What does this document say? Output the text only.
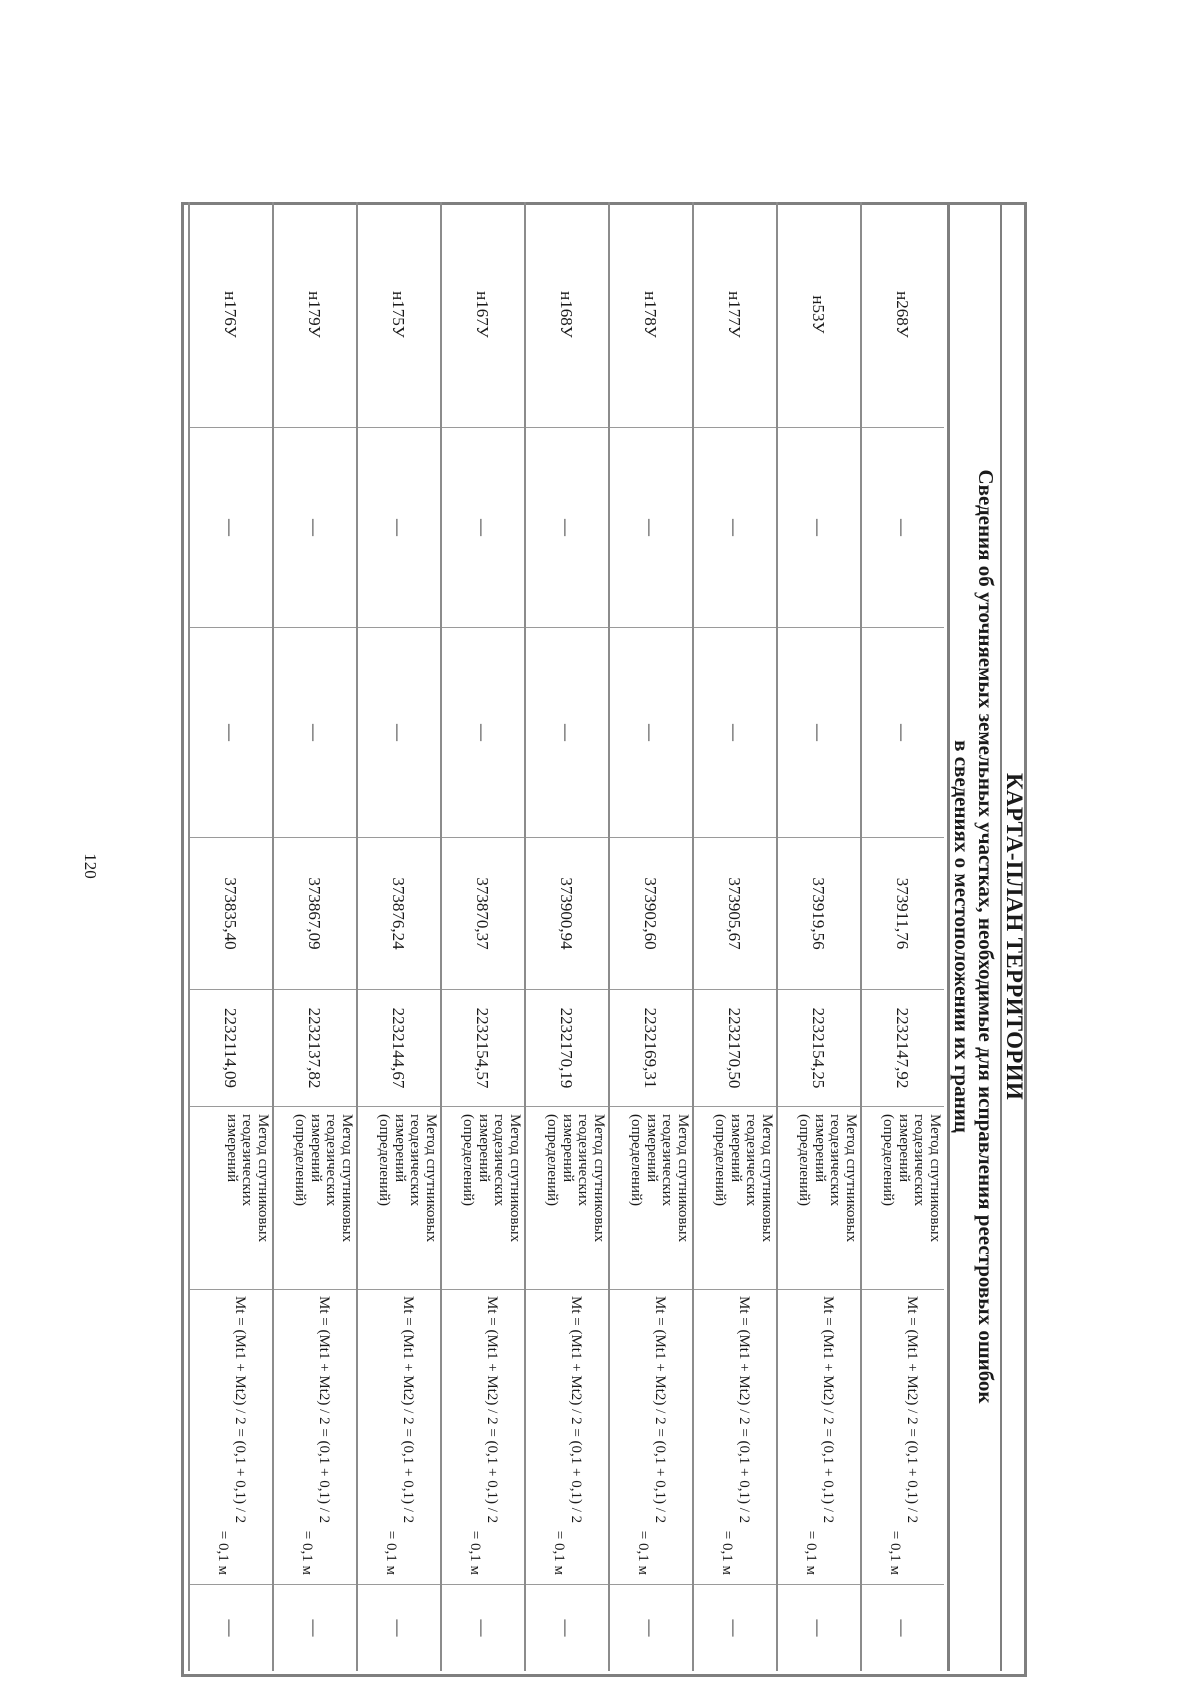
120	КАРТА-ПЛАН ТЕРРИТОРИИ
Сведения об уточняемых земельных участках, необходимые для исправления реестровых ошибок
в сведениях о местоположении их границ
н268У
—
—
373911,76
2232147,92
Метод спутниковых
геодезических
измерений
(определений)
Mt = (Mt1 + Mt2) / 2 = (0,1 + 0,1) / 2
= 0,1 м
—
н53У
—
—
373919,56
2232154,25
Метод спутниковых
геодезических
измерений
(определений)
Mt = (Mt1 + Mt2) / 2 = (0,1 + 0,1) / 2
= 0,1 м
—
н177У
—
—
373905,67
2232170,50
Метод спутниковых
геодезических
измерений
(определений)
Mt = (Mt1 + Mt2) / 2 = (0,1 + 0,1) / 2
= 0,1 м
—
н178У
—
—
373902,60
2232169,31
Метод спутниковых
геодезических
измерений
(определений)
Mt = (Mt1 + Mt2) / 2 = (0,1 + 0,1) / 2
= 0,1 м
—
н168У
—
—
373900,94
2232170,19
Метод спутниковых
геодезических
измерений
(определений)
Mt = (Mt1 + Mt2) / 2 = (0,1 + 0,1) / 2
= 0,1 м
—
н167У
—
—
373870,37
2232154,57
Метод спутниковых
геодезических
измерений
(определений)
Mt = (Mt1 + Mt2) / 2 = (0,1 + 0,1) / 2
= 0,1 м
—
н175У
—
—
373876,24
2232144,67
Метод спутниковых
геодезических
измерений
(определений)
Mt = (Mt1 + Mt2) / 2 = (0,1 + 0,1) / 2
= 0,1 м
—
н179У
—
—
373867,09
2232137,82
Метод спутниковых
геодезических
измерений
(определений)
Mt = (Mt1 + Mt2) / 2 = (0,1 + 0,1) / 2
= 0,1 м
—
н176У
—
—
373835,40
2232114,09
Метод спутниковых
геодезических
измерений
Mt = (Mt1 + Mt2) / 2 = (0,1 + 0,1) / 2
= 0,1 м
—
